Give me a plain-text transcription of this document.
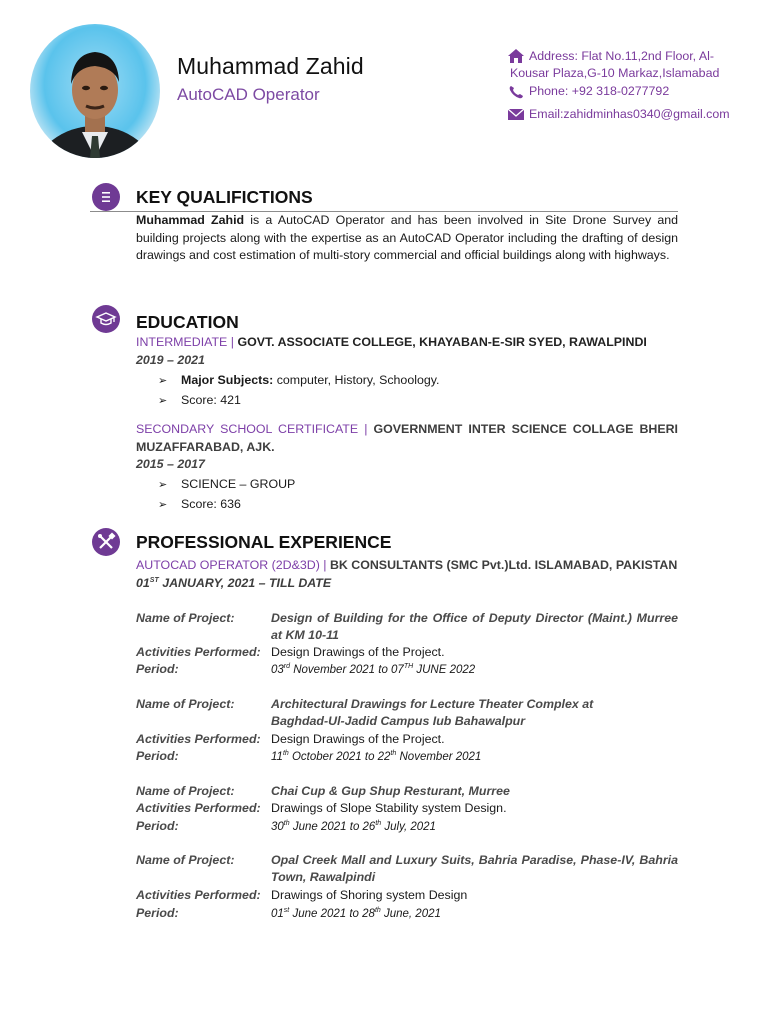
Muhammad Zahid
AutoCAD Operator
Address: Flat No.11,2nd Floor, Al-
Kousar Plaza,G-10 Markaz,Islamabad
Phone: +92 318-0277792
Email:zahidminhas0340@gmail.com
KEY QUALIFICTIONS
Muhammad Zahid is a AutoCAD Operator and has been involved in Site Drone Survey and building projects along with the expertise as an AutoCAD Operator including the drafting of design drawings and cost estimation of multi-story commercial and official buildings along with highways.
EDUCATION
INTERMEDIATE | GOVT. ASSOCIATE COLLEGE, KHAYABAN-E-SIR SYED, RAWALPINDI
2019 – 2021
➢ Major Subjects: computer, History, Schoology.
➢ Score: 421
SECONDARY SCHOOL CERTIFICATE | GOVERNMENT INTER SCIENCE COLLAGE BHERI MUZAFFARABAD, AJK.
2015 – 2017
➢ SCIENCE – GROUP
➢ Score: 636
PROFESSIONAL EXPERIENCE
AUTOCAD OPERATOR (2D&3D) | BK CONSULTANTS (SMC Pvt.)Ltd. ISLAMABAD, PAKISTAN
01ST JANUARY, 2021 – TILL DATE
Name of Project:	Design of Building for the Office of Deputy Director (Maint.) Murree at KM 10-11
Activities Performed: Design Drawings of the Project.
Period:	03rd November 2021 to 07TH JUNE 2022
Name of Project:	Architectural Drawings for Lecture Theater Complex at Baghdad-Ul-Jadid Campus Iub Bahawalpur
Activities Performed: Design Drawings of the Project.
Period:	11th October 2021 to 22th November 2021
Name of Project:	Chai Cup & Gup Shup Resturant, Murree
Activities Performed: Drawings of Slope Stability system Design.
Period:	30th June 2021 to 26th July, 2021
Name of Project:	Opal Creek Mall and Luxury Suits, Bahria Paradise, Phase-IV, Bahria Town, Rawalpindi
Activities Performed: Drawings of Shoring system Design
Period:	01st June 2021 to 28th June, 2021
